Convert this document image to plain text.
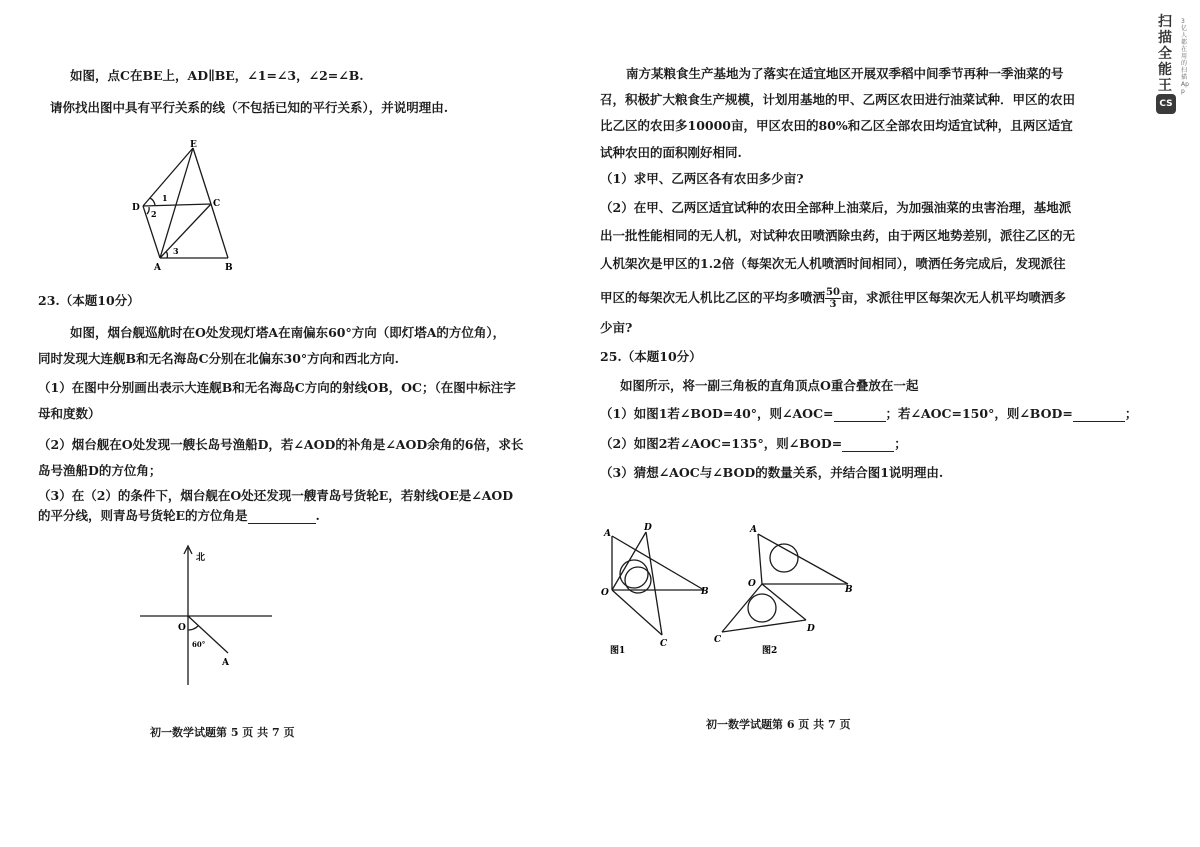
如图，点C在BE上，AD∥BE，∠1=∠3，∠2=∠B.
请你找出图中具有平行关系的线（不包括已知的平行关系），并说明理由.
E
D	C
A	B
1
2
3
23.（本题10分）
如图，烟台舰巡航时在O处发现灯塔A在南偏东60°方向（即灯塔A的方位角），
同时发现大连舰B和无名海岛C分别在北偏东30°方向和西北方向.
（1）在图中分别画出表示大连舰B和无名海岛C方向的射线OB，OC；（在图中标注字
母和度数）
（2）烟台舰在O处发现一艘长岛号渔船D，若∠AOD的补角是∠AOD余角的6倍，求长
岛号渔船D的方位角；
（3）在（2）的条件下，烟台舰在O处还发现一艘青岛号货轮E，若射线OE是∠AOD
的平分线，则青岛号货轮E的方位角是	.
北
O
60°
A
初一数学试题第 5 页 共 7 页
南方某粮食生产基地为了落实在适宜地区开展双季稻中间季节再种一季油菜的号
召，积极扩大粮食生产规模，计划用基地的甲、乙两区农田进行油菜试种．甲区的农田
比乙区的农田多10000亩，甲区农田的80%和乙区全部农田均适宜试种，且两区适宜
试种农田的面积刚好相同.
（1）求甲、乙两区各有农田多少亩?
（2）在甲、乙两区适宜试种的农田全部种上油菜后，为加强油菜的虫害治理，基地派
出一批性能相同的无人机，对试种农田喷洒除虫药，由于两区地势差别，派往乙区的无
人机架次是甲区的1.2倍（每架次无人机喷洒时间相同），喷洒任务完成后，发现派往
甲区的每架次无人机比乙区的平均多喷洒 $\frac{50}{3}$ 亩，求派往甲区每架次无人机平均喷洒多
少亩?
25.（本题10分）
如图所示，将一副三角板的直角顶点O重合叠放在一起
（1）如图1若∠BOD=40°，则∠AOC=	；若∠AOC=150°，则∠BOD=	；
（2）如图2若∠AOC=135°，则∠BOD=	；
（3）猜想∠AOC与∠BOD的数量关系，并结合图1说明理由.
A
D
O	B
C
图1
A
O
B
C
D
图2
初一数学试题第 6 页 共 7 页
扫描全能王
3亿人都在用的扫描App
CS
